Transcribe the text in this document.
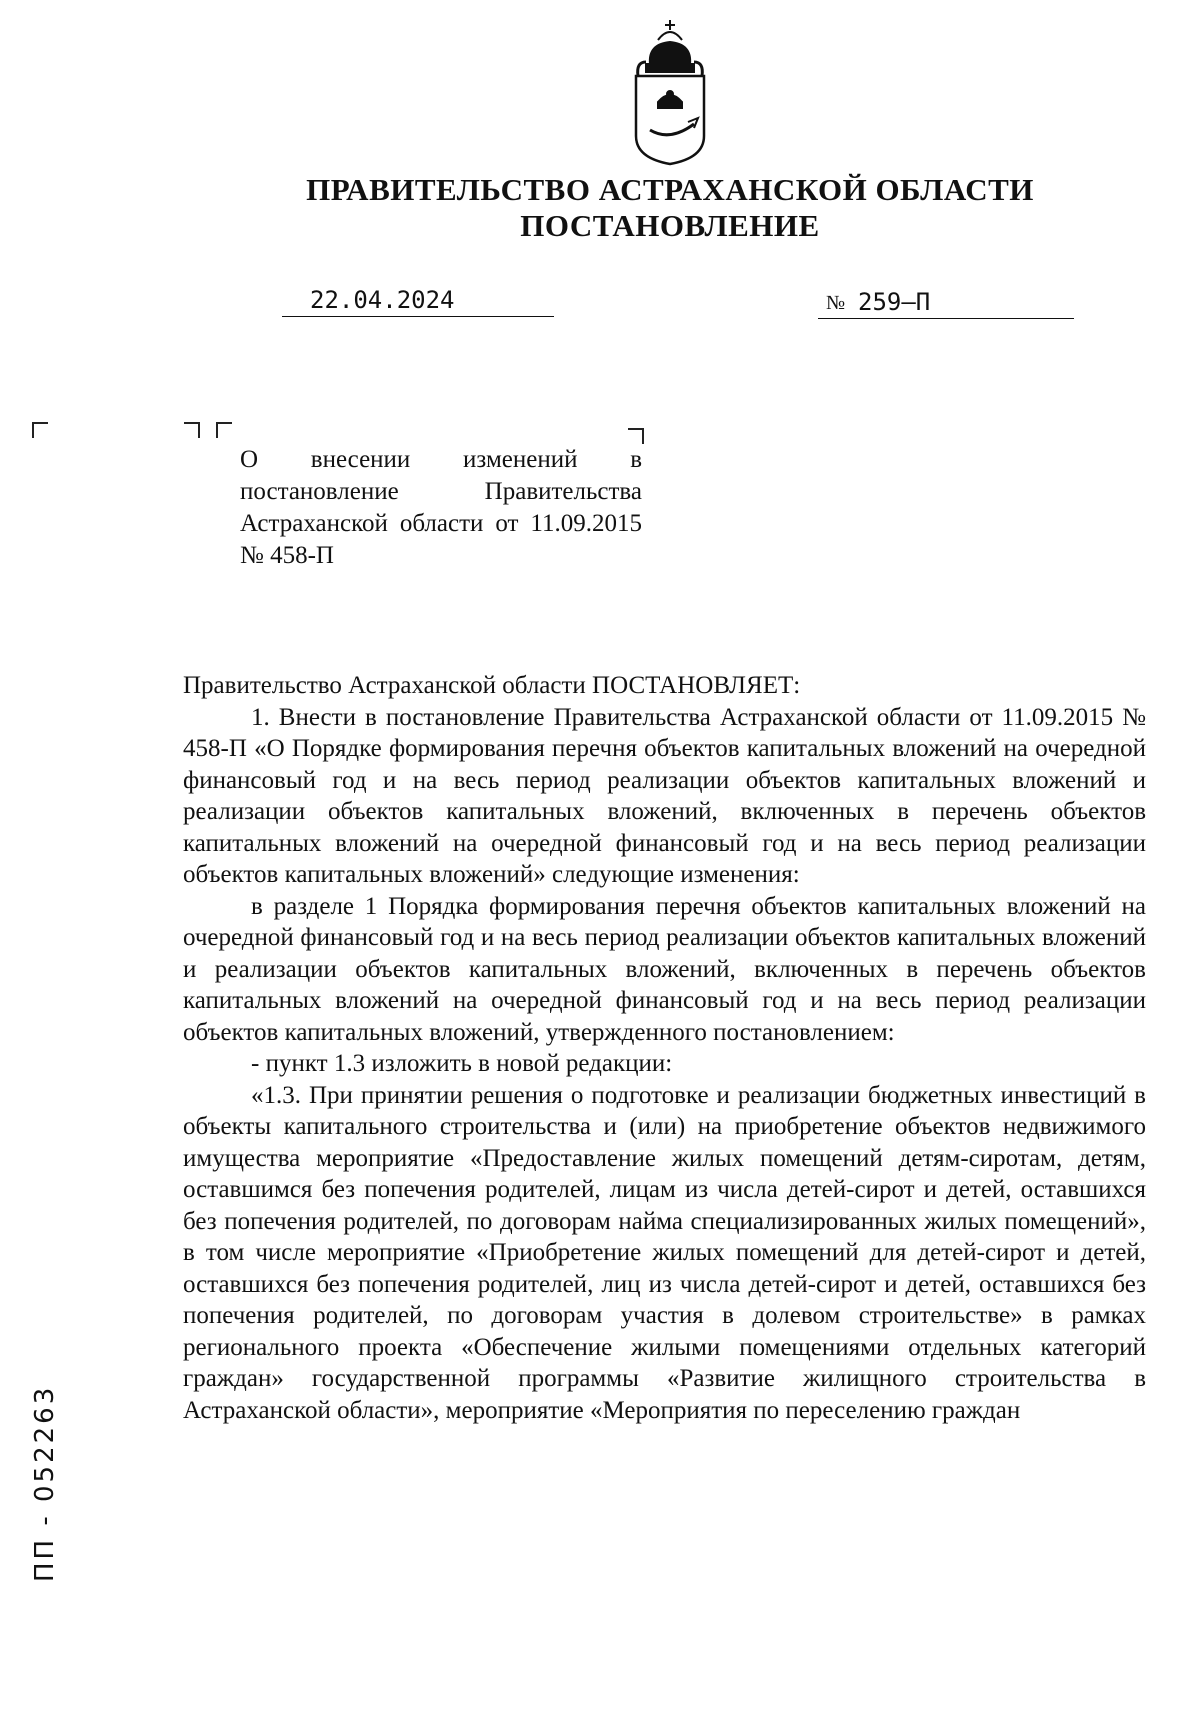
ПРАВИТЕЛЬСТВО АСТРАХАНСКОЙ ОБЛАСТИ
ПОСТАНОВЛЕНИЕ
22.04.2024	№ 259–П
О внесении изменений в постановление Правительства Астраханской области от 11.09.2015 № 458-П

Правительство Астраханской области ПОСТАНОВЛЯЕТ:

1. Внести в постановление Правительства Астраханской области от 11.09.2015 № 458-П «О Порядке формирования перечня объектов капитальных вложений на очередной финансовый год и на весь период реализации объектов капитальных вложений и реализации объектов капитальных вложений, включенных в перечень объектов капитальных вложений на очередной финансовый год и на весь период реализации объектов капитальных вложений» следующие изменения:

в разделе 1 Порядка формирования перечня объектов капитальных вложений на очередной финансовый год и на весь период реализации объектов капитальных вложений и реализации объектов капитальных вложений, включенных в перечень объектов капитальных вложений на очередной финансовый год и на весь период реализации объектов капитальных вложений, утвержденного постановлением:

- пункт 1.3 изложить в новой редакции:

«1.3. При принятии решения о подготовке и реализации бюджетных инвестиций в объекты капитального строительства и (или) на приобретение объектов недвижимого имущества мероприятие «Предоставление жилых помещений детям-сиротам, детям, оставшимся без попечения родителей, лицам из числа детей-сирот и детей, оставшихся без попечения родителей, по договорам найма специализированных жилых помещений», в том числе мероприятие «Приобретение жилых помещений для детей-сирот и детей, оставшихся без попечения родителей, лиц из числа детей-сирот и детей, оставшихся без попечения родителей, по договорам участия в долевом строительстве» в рамках регионального проекта «Обеспечение жилыми помещениями отдельных категорий граждан» государственной программы «Развитие жилищного строительства в Астраханской области», мероприятие «Мероприятия по переселению граждан

ПП - 052263
